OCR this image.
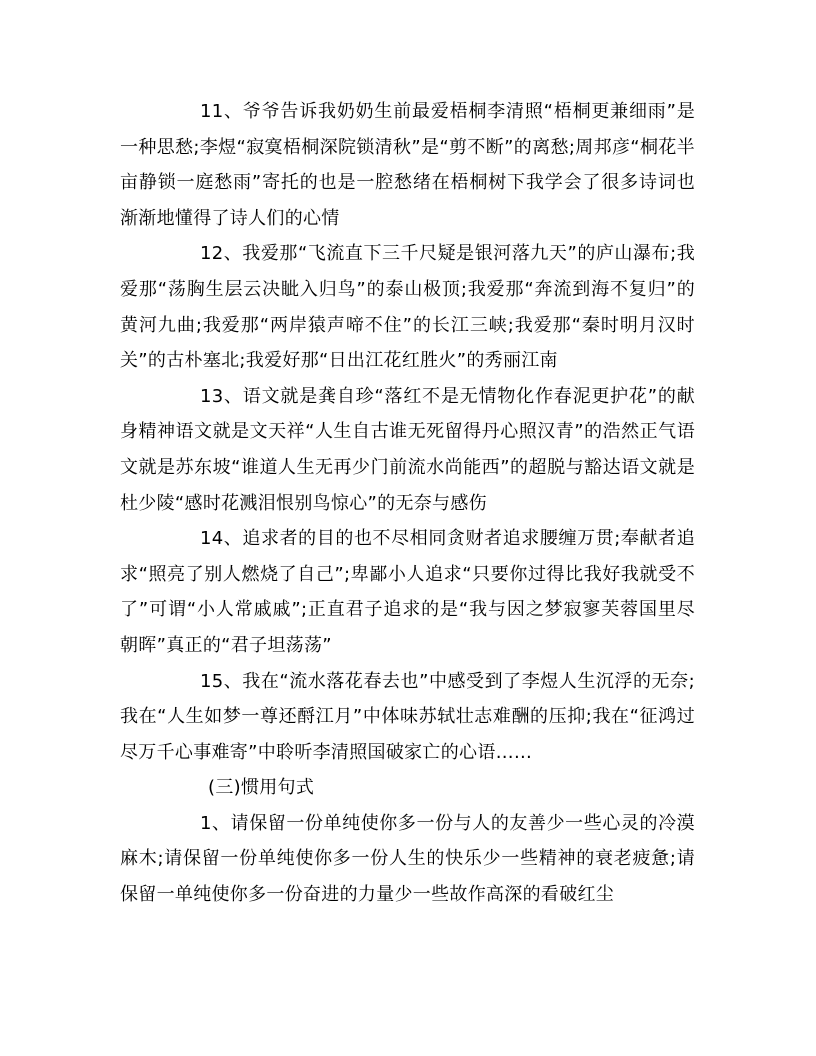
11、爷爷告诉我奶奶生前最爱梧桐李清照“梧桐更兼细雨”是一种思愁;李煜“寂寞梧桐深院锁清秋”是“剪不断”的离愁;周邦彦“桐花半亩静锁一庭愁雨”寄托的也是一腔愁绪在梧桐树下我学会了很多诗词也渐渐地懂得了诗人们的心情

12、我爱那“飞流直下三千尺疑是银河落九天”的庐山瀑布;我爱那“荡胸生层云决眦入归鸟”的泰山极顶;我爱那“奔流到海不复归”的黄河九曲;我爱那“两岸猿声啼不住”的长江三峡;我爱那“秦时明月汉时关”的古朴塞北;我爱好那“日出江花红胜火”的秀丽江南

13、语文就是龚自珍“落红不是无情物化作春泥更护花”的献身精神语文就是文天祥“人生自古谁无死留得丹心照汉青”的浩然正气语文就是苏东坡“谁道人生无再少门前流水尚能西”的超脱与豁达语文就是杜少陵“感时花溅泪恨别鸟惊心”的无奈与感伤

14、追求者的目的也不尽相同贪财者追求腰缠万贯;奉献者追求“照亮了别人燃烧了自己”;卑鄙小人追求“只要你过得比我好我就受不了”可谓“小人常戚戚”;正直君子追求的是“我与因之梦寂寥芙蓉国里尽朝晖”真正的“君子坦荡荡”

15、我在“流水落花春去也”中感受到了李煜人生沉浮的无奈;我在“人生如梦一尊还酹江月”中体味苏轼壮志难酬的压抑;我在“征鸿过尽万千心事难寄”中聆听李清照国破家亡的心语……

(三)惯用句式

1、请保留一份单纯使你多一份与人的友善少一些心灵的冷漠麻木;请保留一份单纯使你多一份人生的快乐少一些精神的衰老疲惫;请保留一单纯使你多一份奋进的力量少一些故作高深的看破红尘
